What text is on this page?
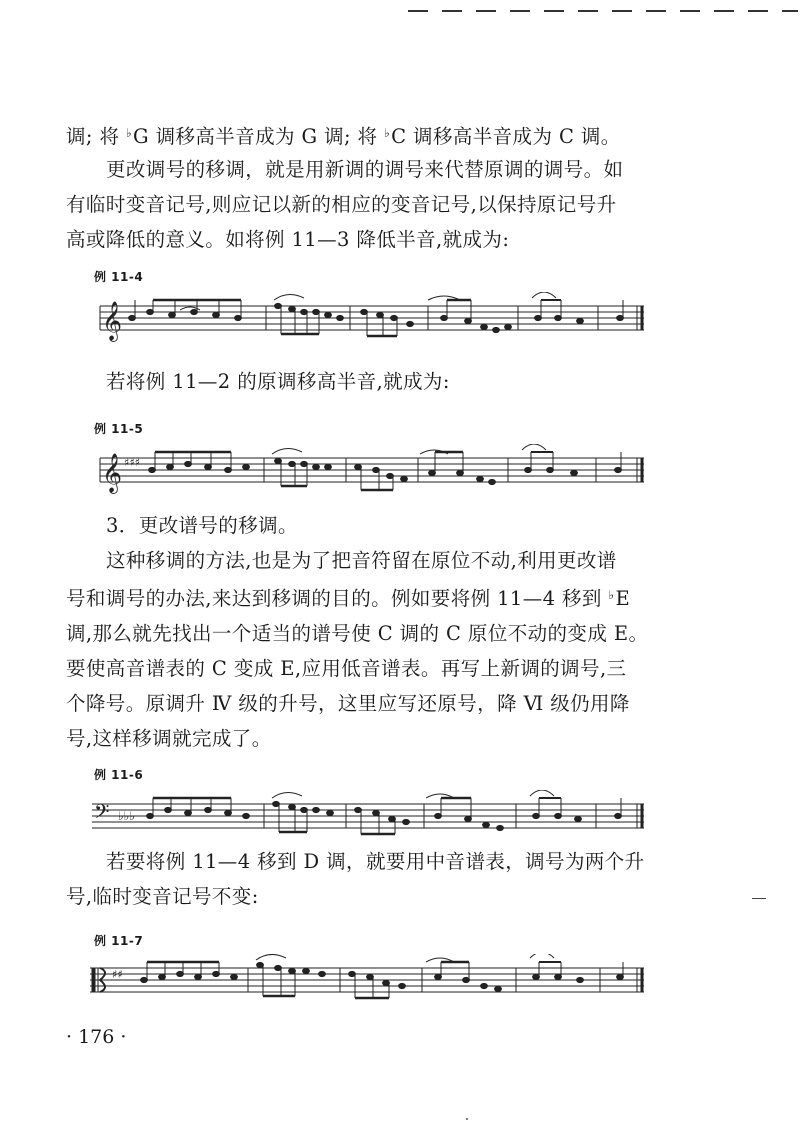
调; 将 ♭G 调移高半音成为 G 调; 将 ♭C 调移高半音成为 C 调。

更改调号的移调，就是用新调的调号来代替原调的调号。如
有临时变音记号,则应记以新的相应的变音记号,以保持原记号升
高或降低的意义。如将例 11—3 降低半音,就成为:

例 11-4
𝄞

若将例 11—2 的原调移高半音,就成为:

例 11-5
𝄞 ♯♯♯

3．更改谱号的移调。

这种移调的方法,也是为了把音符留在原位不动,利用更改谱
号和调号的办法,来达到移调的目的。例如要将例 11—4 移到 ♭E
调,那么就先找出一个适当的谱号使 C 调的 C 原位不动的变成 E。
要使高音谱表的 C 变成 E,应用低音谱表。再写上新调的调号,三
个降号。原调升 Ⅳ 级的升号，这里应写还原号，降 Ⅵ 级仍用降
号,这样移调就完成了。

例 11-6
𝄢 ♭♭♭

若要将例 11—4 移到 D 调，就要用中音谱表，调号为两个升
号,临时变音记号不变:

例 11-7
♯♯
· 176 ·
